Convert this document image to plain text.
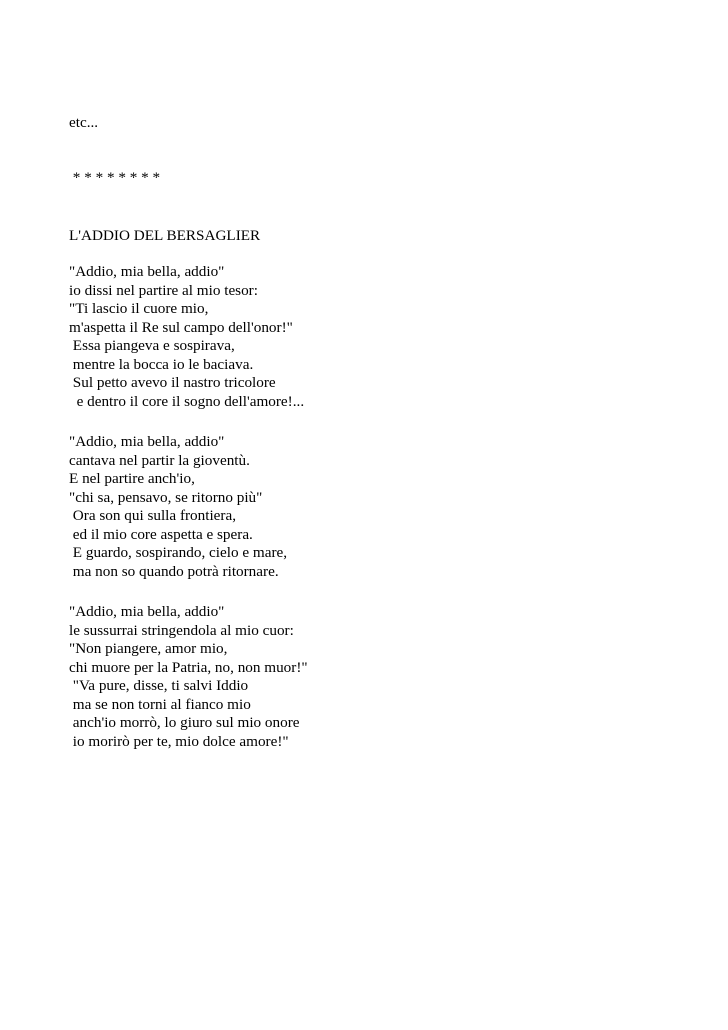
etc...
* * * * * * * *
L'ADDIO DEL BERSAGLIER
"Addio, mia bella, addio"
io dissi nel partire al mio tesor:
"Ti lascio il cuore mio,
m'aspetta il Re sul campo dell'onor!"
Essa piangeva e sospirava,
mentre la bocca io le baciava.
Sul petto avevo il nastro tricolore
e dentro il core il sogno dell'amore!...
"Addio, mia bella, addio"
cantava nel partir la gioventù.
E nel partire anch'io,
"chi sa, pensavo, se ritorno più"
Ora son qui sulla frontiera,
ed il mio core aspetta e spera.
E guardo, sospirando, cielo e mare,
ma non so quando potrà ritornare.
"Addio, mia bella, addio"
le sussurrai stringendola al mio cuor:
"Non piangere, amor mio,
chi muore per la Patria, no, non muor!"
"Va pure, disse, ti salvi Iddio
ma se non torni al fianco mio
anch'io morrò, lo giuro sul mio onore
io morirò per te, mio dolce amore!"
